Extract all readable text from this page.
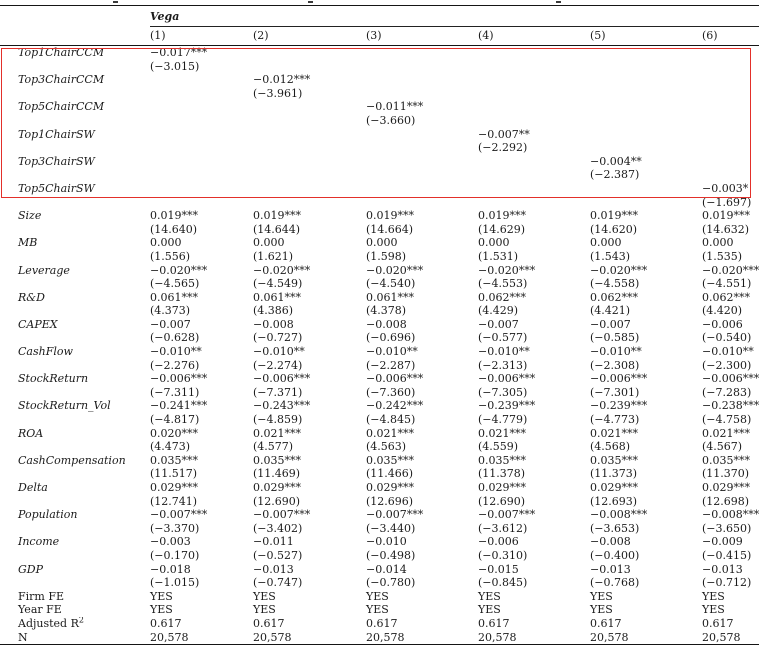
	Vega					
	(1)	(2)	(3)	(4)	(5)	(6)
Top1ChairCCM	−0.017***					
	(−3.015)					
Top3ChairCCM		−0.012***				
		(−3.961)				
Top5ChairCCM			−0.011***			
			(−3.660)			
Top1ChairSW				−0.007**		
				(−2.292)		
Top3ChairSW					−0.004**	
					(−2.387)	
Top5ChairSW						−0.003*
						(−1.697)
Size	0.019***	0.019***	0.019***	0.019***	0.019***	0.019***
	(14.640)	(14.644)	(14.664)	(14.629)	(14.620)	(14.632)
MB	0.000	0.000	0.000	0.000	0.000	0.000
	(1.556)	(1.621)	(1.598)	(1.531)	(1.543)	(1.535)
Leverage	−0.020***	−0.020***	−0.020***	−0.020***	−0.020***	−0.020***
	(−4.565)	(−4.549)	(−4.540)	(−4.553)	(−4.558)	(−4.551)
R&D	0.061***	0.061***	0.061***	0.062***	0.062***	0.062***
	(4.373)	(4.386)	(4.378)	(4.429)	(4.421)	(4.420)
CAPEX	−0.007	−0.008	−0.008	−0.007	−0.007	−0.006
	(−0.628)	(−0.727)	(−0.696)	(−0.577)	(−0.585)	(−0.540)
CashFlow	−0.010**	−0.010**	−0.010**	−0.010**	−0.010**	−0.010**
	(−2.276)	(−2.274)	(−2.287)	(−2.313)	(−2.308)	(−2.300)
StockReturn	−0.006***	−0.006***	−0.006***	−0.006***	−0.006***	−0.006***
	(−7.311)	(−7.371)	(−7.360)	(−7.305)	(−7.301)	(−7.283)
StockReturn_Vol	−0.241***	−0.243***	−0.242***	−0.239***	−0.239***	−0.238***
	(−4.817)	(−4.859)	(−4.845)	(−4.779)	(−4.773)	(−4.758)
ROA	0.020***	0.021***	0.021***	0.021***	0.021***	0.021***
	(4.473)	(4.577)	(4.563)	(4.559)	(4.568)	(4.567)
CashCompensation	0.035***	0.035***	0.035***	0.035***	0.035***	0.035***
	(11.517)	(11.469)	(11.466)	(11.378)	(11.373)	(11.370)
Delta	0.029***	0.029***	0.029***	0.029***	0.029***	0.029***
	(12.741)	(12.690)	(12.696)	(12.690)	(12.693)	(12.698)
Population	−0.007***	−0.007***	−0.007***	−0.007***	−0.008***	−0.008***
	(−3.370)	(−3.402)	(−3.440)	(−3.612)	(−3.653)	(−3.650)
Income	−0.003	−0.011	−0.010	−0.006	−0.008	−0.009
	(−0.170)	(−0.527)	(−0.498)	(−0.310)	(−0.400)	(−0.415)
GDP	−0.018	−0.013	−0.014	−0.015	−0.013	−0.013
	(−1.015)	(−0.747)	(−0.780)	(−0.845)	(−0.768)	(−0.712)
Firm FE	YES	YES	YES	YES	YES	YES
Year FE	YES	YES	YES	YES	YES	YES
Adjusted $R^2$	0.617	0.617	0.617	0.617	0.617	0.617
N	20,578	20,578	20,578	20,578	20,578	20,578
